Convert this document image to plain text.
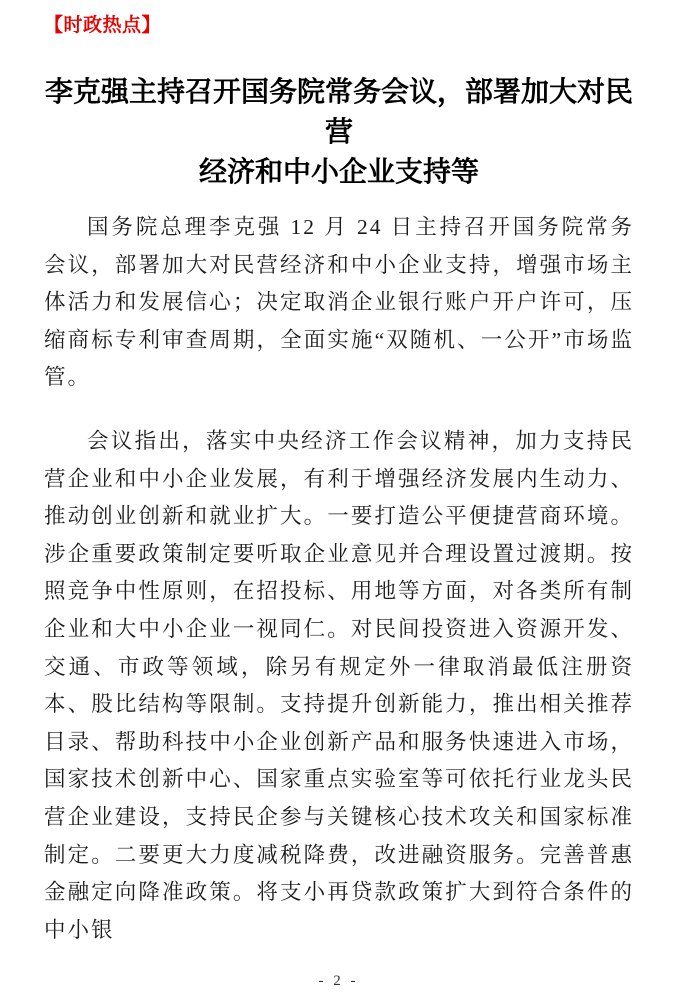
【时政热点】
李克强主持召开国务院常务会议，部署加大对民营
经济和中小企业支持等

国务院总理李克强 12 月 24 日主持召开国务院常务会议，部署加大对民营经济和中小企业支持，增强市场主体活力和发展信心；决定取消企业银行账户开户许可，压缩商标专利审查周期，全面实施“双随机、一公开”市场监管。

会议指出，落实中央经济工作会议精神，加力支持民营企业和中小企业发展，有利于增强经济发展内生动力、推动创业创新和就业扩大。一要打造公平便捷营商环境。涉企重要政策制定要听取企业意见并合理设置过渡期。按照竞争中性原则，在招投标、用地等方面，对各类所有制企业和大中小企业一视同仁。对民间投资进入资源开发、交通、市政等领域，除另有规定外一律取消最低注册资本、股比结构等限制。支持提升创新能力，推出相关推荐目录、帮助科技中小企业创新产品和服务快速进入市场，国家技术创新中心、国家重点实验室等可依托行业龙头民营企业建设，支持民企参与关键核心技术攻关和国家标准制定。二要更大力度减税降费，改进融资服务。完善普惠金融定向降准政策。将支小再贷款政策扩大到符合条件的中小银

- 2 -
